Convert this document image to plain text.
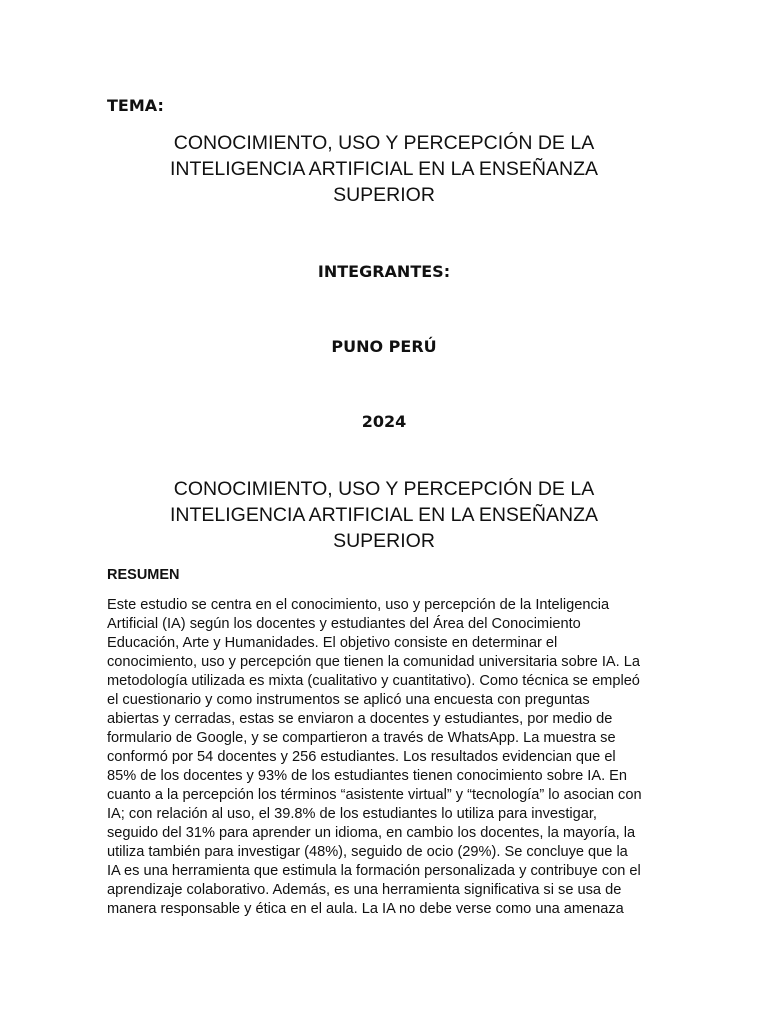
TEMA:

CONOCIMIENTO, USO Y PERCEPCIÓN DE LA
INTELIGENCIA ARTIFICIAL EN LA ENSEÑANZA
SUPERIOR

INTEGRANTES:

PUNO PERÚ

2024

CONOCIMIENTO, USO Y PERCEPCIÓN DE LA
INTELIGENCIA ARTIFICIAL EN LA ENSEÑANZA
SUPERIOR

RESUMEN

Este estudio se centra en el conocimiento, uso y percepción de la Inteligencia
Artificial (IA) según los docentes y estudiantes del Área del Conocimiento
Educación, Arte y Humanidades. El objetivo consiste en determinar el
conocimiento, uso y percepción que tienen la comunidad universitaria sobre IA. La
metodología utilizada es mixta (cualitativo y cuantitativo). Como técnica se empleó
el cuestionario y como instrumentos se aplicó una encuesta con preguntas
abiertas y cerradas, estas se enviaron a docentes y estudiantes, por medio de
formulario de Google, y se compartieron a través de WhatsApp. La muestra se
conformó por 54 docentes y 256 estudiantes. Los resultados evidencian que el
85% de los docentes y 93% de los estudiantes tienen conocimiento sobre IA. En
cuanto a la percepción los términos “asistente virtual” y “tecnología” lo asocian con
IA; con relación al uso, el 39.8% de los estudiantes lo utiliza para investigar,
seguido del 31% para aprender un idioma, en cambio los docentes, la mayoría, la
utiliza también para investigar (48%), seguido de ocio (29%). Se concluye que la
IA es una herramienta que estimula la formación personalizada y contribuye con el
aprendizaje colaborativo. Además, es una herramienta significativa si se usa de
manera responsable y ética en el aula. La IA no debe verse como una amenaza
